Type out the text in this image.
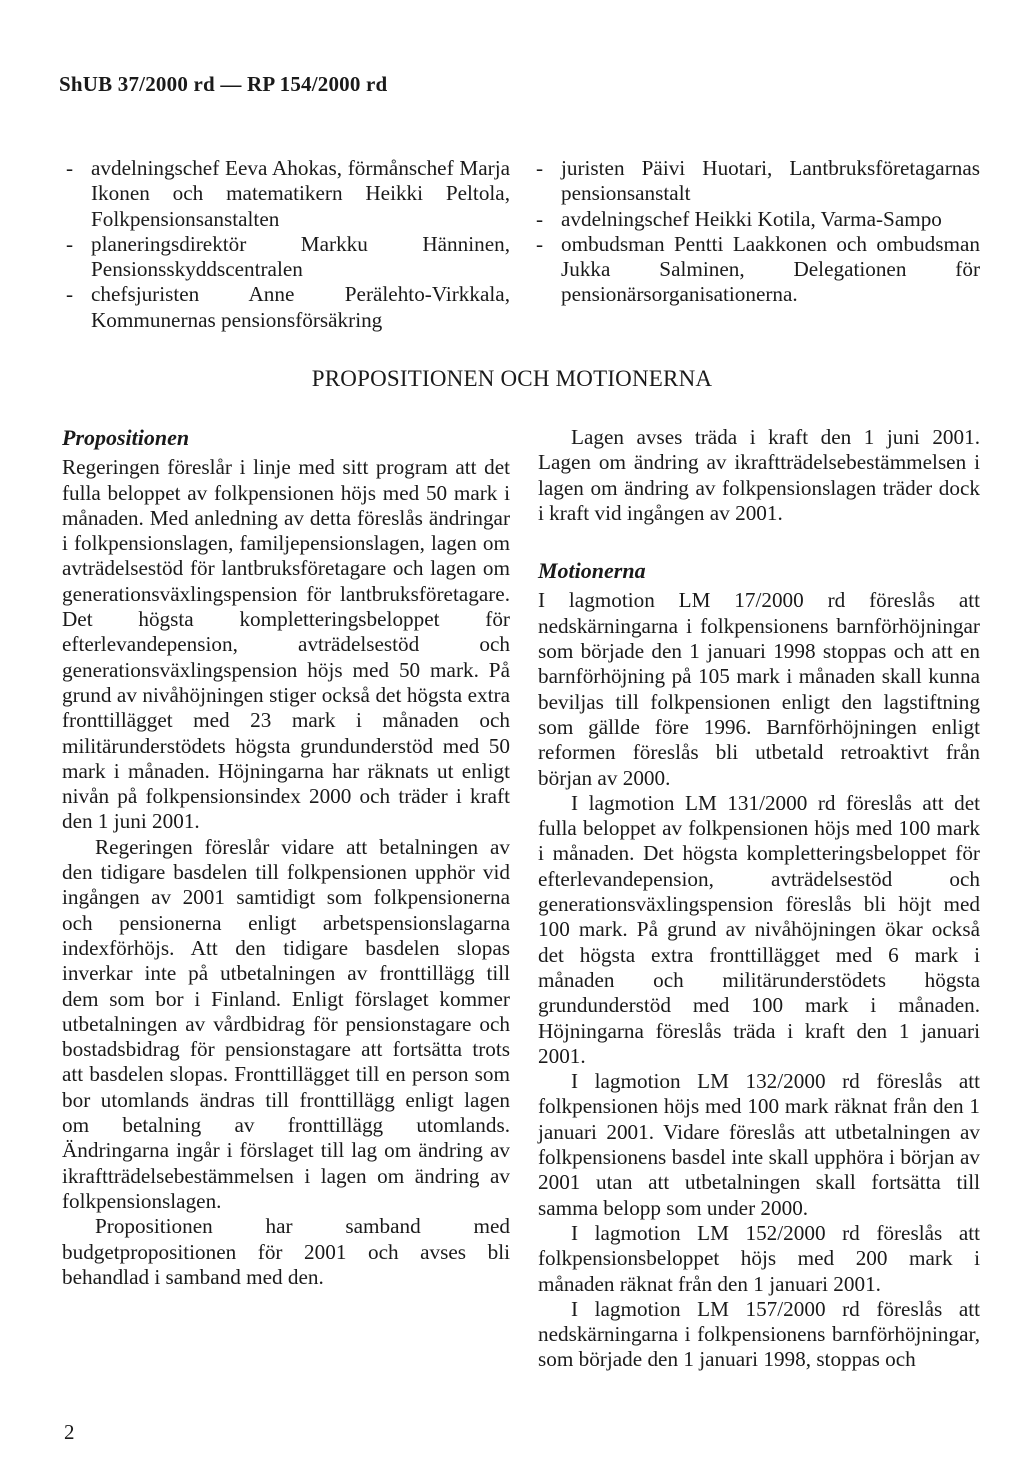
ShUB 37/2000 rd — RP 154/2000 rd
- avdelningschef Eeva Ahokas, förmånschef Marja Ikonen och matematikern Heikki Peltola, Folkpensionsanstalten
- planeringsdirektör Markku Hänninen, Pensionsskyddscentralen
- chefsjuristen Anne Perälehto-Virkkala, Kommunernas pensionsförsäkring
- juristen Päivi Huotari, Lantbruksföretagarnas pensionsanstalt
- avdelningschef Heikki Kotila, Varma-Sampo
- ombudsman Pentti Laakkonen och ombudsman Jukka Salminen, Delegationen för pensionärsorganisationerna.
PROPOSITIONEN OCH MOTIONERNA
Propositionen

Regeringen föreslår i linje med sitt program att det fulla beloppet av folkpensionen höjs med 50 mark i månaden. Med anledning av detta föreslås ändringar i folkpensionslagen, familjepensionslagen, lagen om avträdelsestöd för lantbruksföretagare och lagen om generationsväxlingspension för lantbruksföretagare. Det högsta kompletteringsbeloppet för efterlevandepension, avträdelsestöd och generationsväxlingspension höjs med 50 mark. På grund av nivåhöjningen stiger också det högsta extra fronttillägget med 23 mark i månaden och militärunderstödets högsta grundunderstöd med 50 mark i månaden. Höjningarna har räknats ut enligt nivån på folkpensionsindex 2000 och träder i kraft den 1 juni 2001.

Regeringen föreslår vidare att betalningen av den tidigare basdelen till folkpensionen upphör vid ingången av 2001 samtidigt som folkpensionerna och pensionerna enligt arbetspensionslagarna indexförhöjs. Att den tidigare basdelen slopas inverkar inte på utbetalningen av fronttillägg till dem som bor i Finland. Enligt förslaget kommer utbetalningen av vårdbidrag för pensionstagare och bostadsbidrag för pensionstagare att fortsätta trots att basdelen slopas. Fronttillägget till en person som bor utomlands ändras till fronttillägg enligt lagen om betalning av fronttillägg utomlands. Ändringarna ingår i förslaget till lag om ändring av ikraftträdelsebestämmelsen i lagen om ändring av folkpensionslagen.

Propositionen har samband med budgetpropositionen för 2001 och avses bli behandlad i samband med den.

Lagen avses träda i kraft den 1 juni 2001. Lagen om ändring av ikraftträdelsebestämmelsen i lagen om ändring av folkpensionslagen träder dock i kraft vid ingången av 2001.

Motionerna

I lagmotion LM 17/2000 rd föreslås att nedskärningarna i folkpensionens barnförhöjningar som började den 1 januari 1998 stoppas och att en barnförhöjning på 105 mark i månaden skall kunna beviljas till folkpensionen enligt den lagstiftning som gällde före 1996. Barnförhöjningen enligt reformen föreslås bli utbetald retroaktivt från början av 2000.

I lagmotion LM 131/2000 rd föreslås att det fulla beloppet av folkpensionen höjs med 100 mark i månaden. Det högsta kompletteringsbeloppet för efterlevandepension, avträdelsestöd och generationsväxlingspension föreslås bli höjt med 100 mark. På grund av nivåhöjningen ökar också det högsta extra fronttillägget med 6 mark i månaden och militärunderstödets högsta grundunderstöd med 100 mark i månaden. Höjningarna föreslås träda i kraft den 1 januari 2001.

I lagmotion LM 132/2000 rd föreslås att folkpensionen höjs med 100 mark räknat från den 1 januari 2001. Vidare föreslås att utbetalningen av folkpensionens basdel inte skall upphöra i början av 2001 utan att utbetalningen skall fortsätta till samma belopp som under 2000.

I lagmotion LM 152/2000 rd föreslås att folkpensionsbeloppet höjs med 200 mark i månaden räknat från den 1 januari 2001.

I lagmotion LM 157/2000 rd föreslås att nedskärningarna i folkpensionens barnförhöjningar, som började den 1 januari 1998, stoppas och

2
